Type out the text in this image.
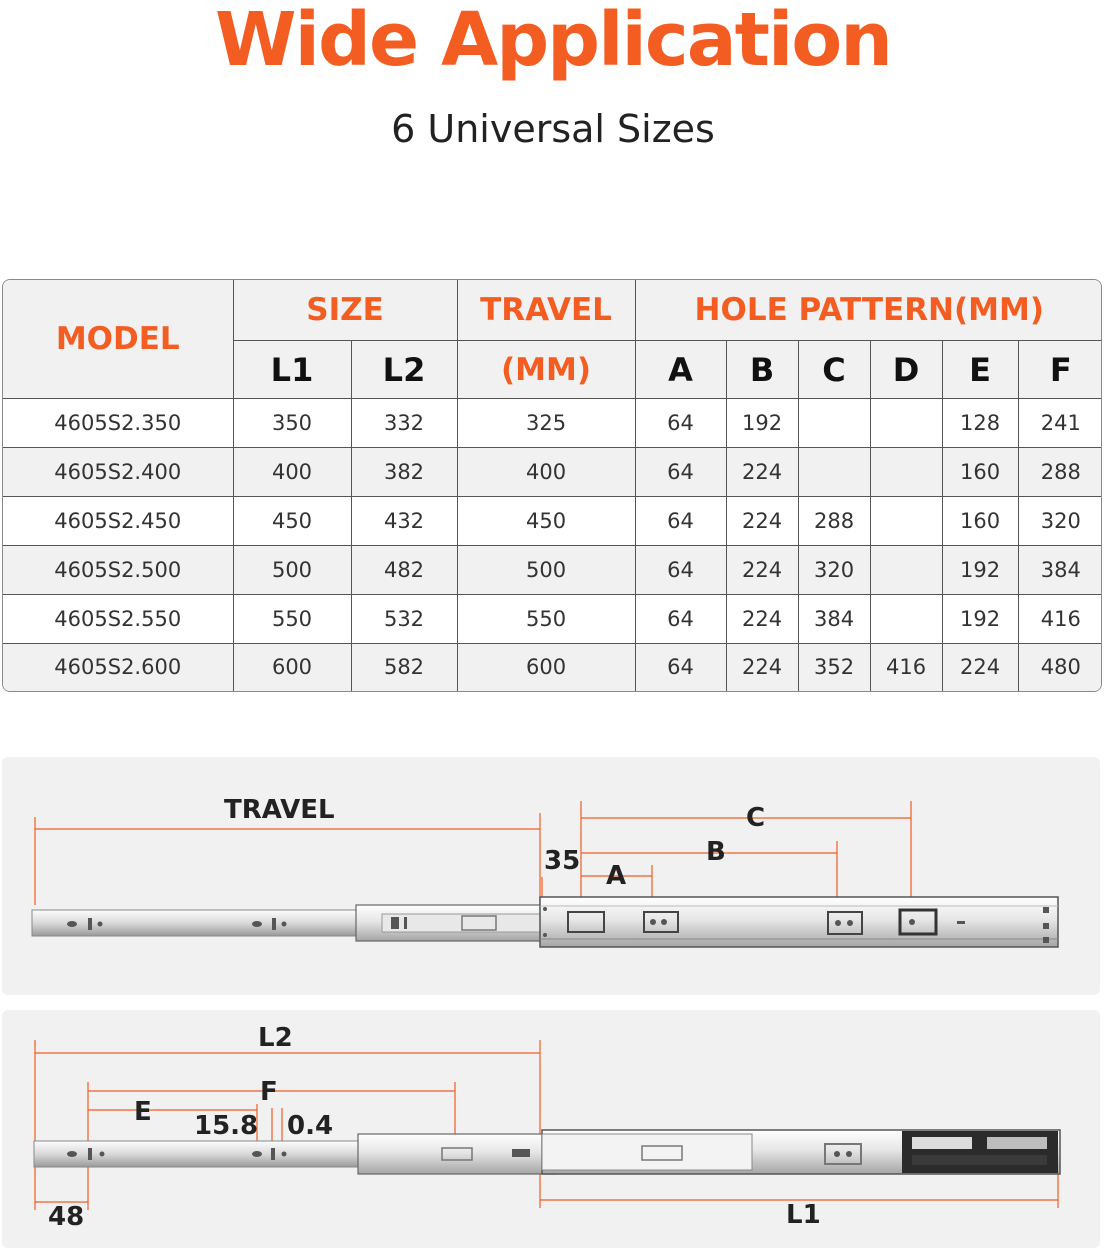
Wide Application
6 Universal Sizes
MODEL	SIZE		TRAVEL	HOLE PATTERN(MM)					
	L1	L2	(MM)	A	B	C	D	E	F
4605S2.350	350	332	325	64	192			128	241
4605S2.400	400	382	400	64	224			160	288
4605S2.450	450	432	450	64	224	288		160	320
4605S2.500	500	482	500	64	224	320		192	384
4605S2.550	550	532	550	64	224	384		192	416
4605S2.600	600	582	600	64	224	352	416	224	480
TRAVEL	C
B
A
35
L2
F
E 15.8 0.4
48	L1
